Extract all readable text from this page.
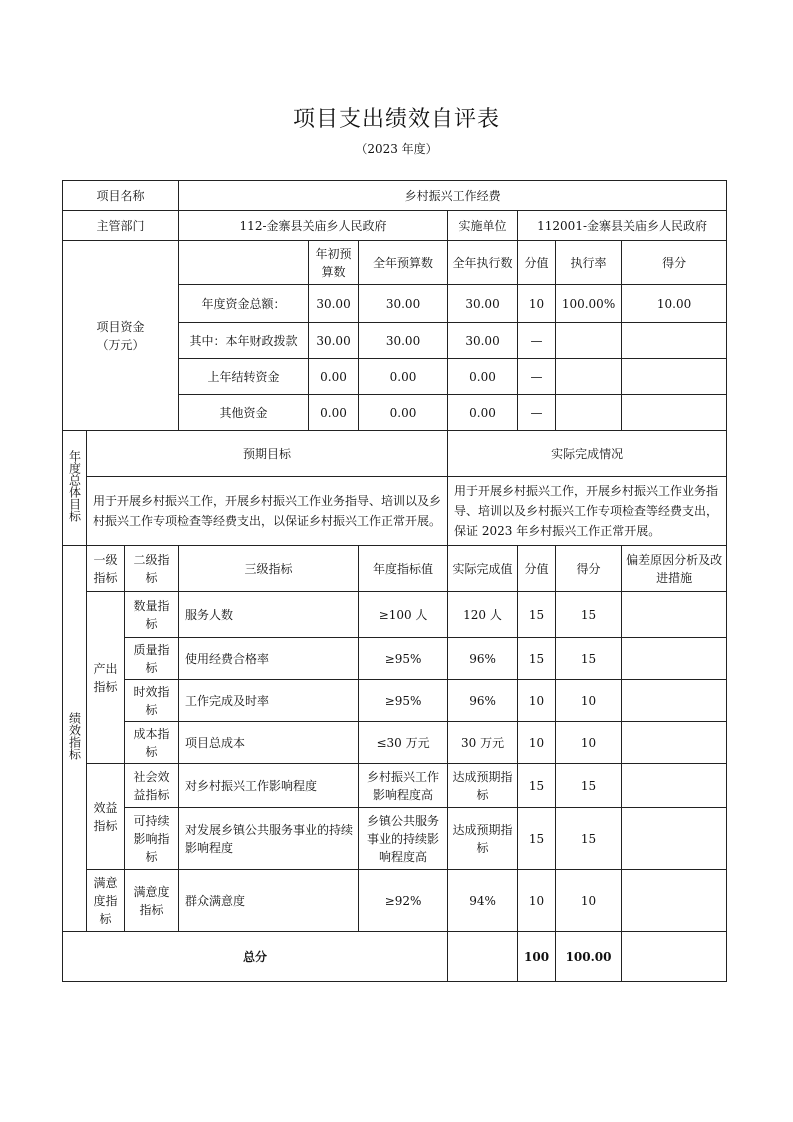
项目支出绩效自评表
（2023 年度）
项目名称			乡村振兴工作经费						
主管部门			112-金寨县关庙乡人民政府			实施单位	112001-金寨县关庙乡人民政府		

项目资金
（万元）				年初预算数	全年预算数	全年执行数	分值	执行率	得分
			年度资金总额：	30.00	30.00	30.00	10	100.00%	10.00
			其中：本年财政拨款	30.00	30.00	30.00	—		
			上年结转资金	0.00	0.00	0.00	—		
			其他资金	0.00	0.00	0.00	—		
年度总体目标	预期目标					实际完成情况			
	用于开展乡村振兴工作，开展乡村振兴工作业务指导、培训以及乡村振兴工作专项检查等经费支出，以保证乡村振兴工作正常开展。					用于开展乡村振兴工作，开展乡村振兴工作业务指导、培训以及乡村振兴工作专项检查等经费支出，保证 2023 年乡村振兴工作正常开展。			
绩效指标	一级指标	二级指标	三级指标		年度指标值	实际完成值	分值	得分	偏差原因分析及改进措施
	产出指标	数量指标	服务人数		≥100 人	120 人	15	15	
		质量指标	使用经费合格率		≥95%	96%	15	15	
		时效指标	工作完成及时率		≥95%	96%	10	10	
		成本指标	项目总成本		≤30 万元	30 万元	10	10	
	效益指标	社会效益指标	对乡村振兴工作影响程度		乡村振兴工作影响程度高	达成预期指标	15	15	
		可持续影响指标	对发展乡镇公共服务事业的持续影响程度		乡镇公共服务事业的持续影响程度高	达成预期指标	15	15	
	满意度指标	满意度指标	群众满意度		≥92%	94%	10	10	
总分							100	100.00	
